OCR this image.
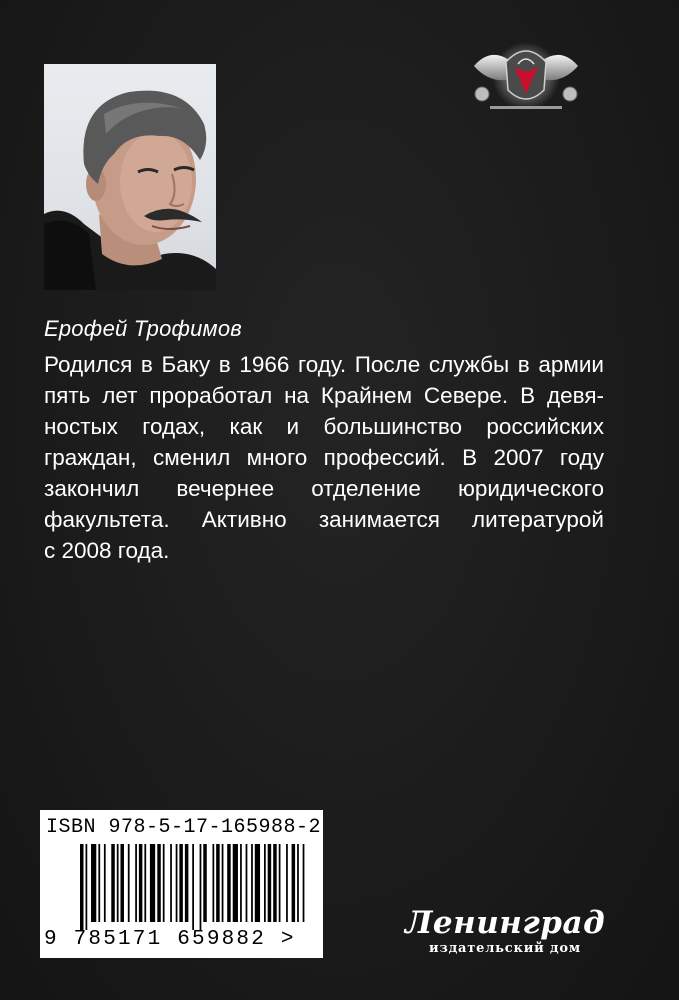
Ерофей Трофимов
Родился в Баку в 1966 году. После службы в армии
пять лет проработал на Крайнем Севере. В девя-
ностых годах, как и большинство российских
граждан, сменил много профессий. В 2007 году
закончил вечернее отделение юридического
факультета. Активно занимается литературой
с 2008 года.
ISBN 978-5-17-165988-2
9 785171 659882 >	Ленинград
издательский дом
